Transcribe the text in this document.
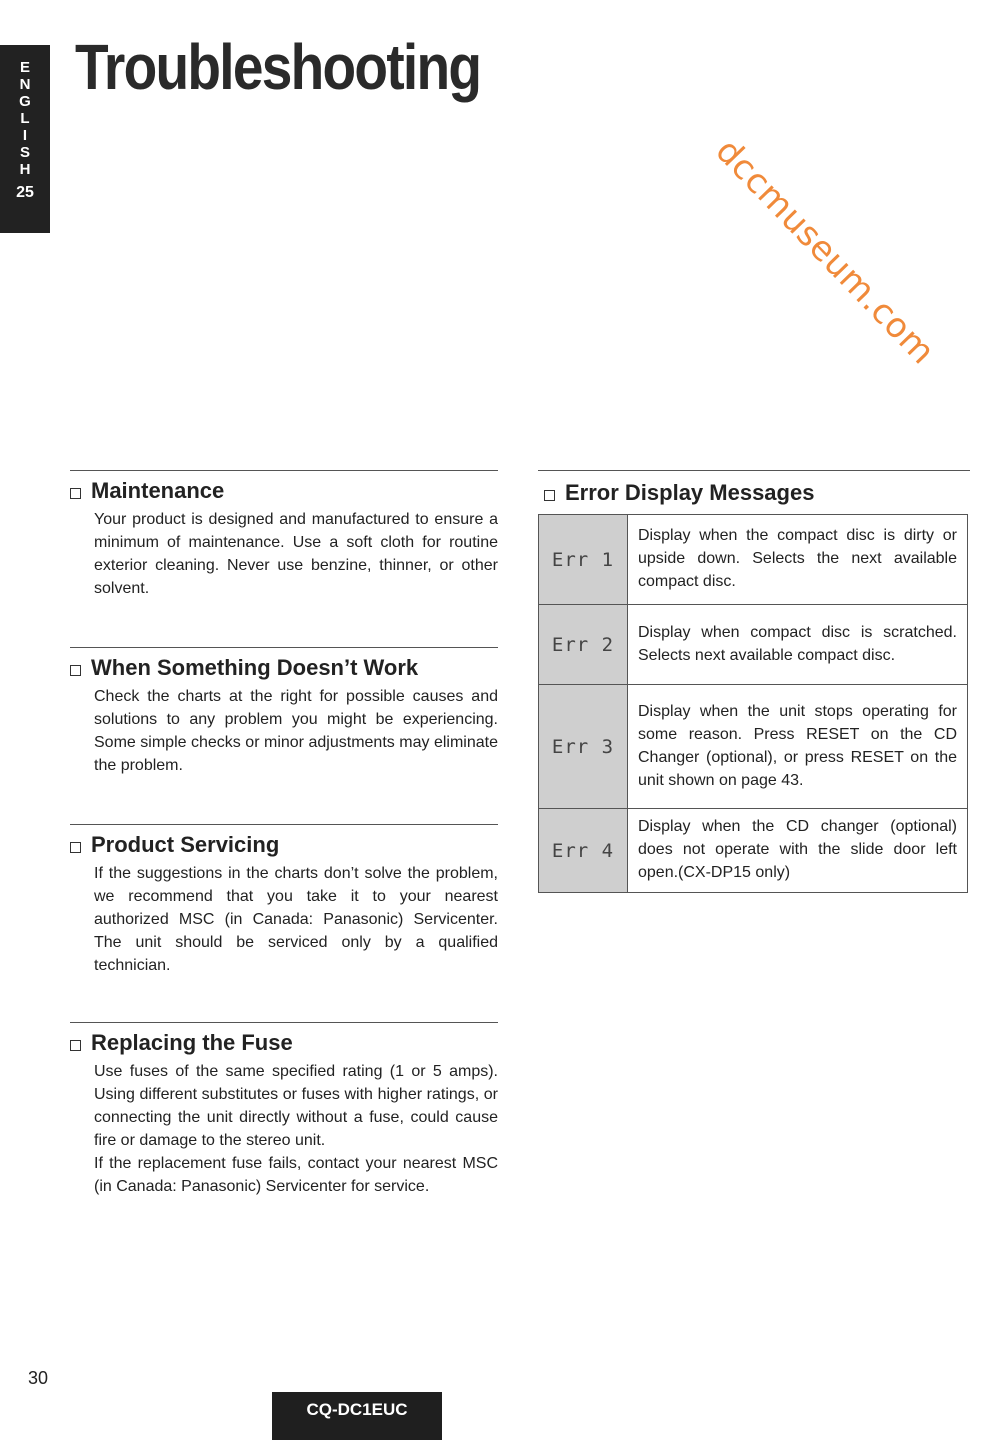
E
N
G
L
I
S
H
25
Troubleshooting
dccmuseum.com
Maintenance

Your product is designed and manufactured to ensure a minimum of maintenance. Use a soft cloth for routine exterior cleaning. Never use benzine, thinner, or other solvent.

When Something Doesn’t Work

Check the charts at the right for possible causes and solutions to any problem you might be experiencing. Some simple checks or minor adjustments may eliminate the problem.

Product Servicing

If the suggestions in the charts don’t solve the problem, we recommend that you take it to your nearest authorized MSC (in Canada: Panasonic) Servicenter. The unit should be serviced only by a qualified technician.

Replacing the Fuse

Use fuses of the same specified rating (1 or 5 amps). Using different substitutes or fuses with higher ratings, or connecting the unit directly without a fuse, could cause fire or damage to the stereo unit.

If the replacement fuse fails, contact your nearest MSC (in Canada: Panasonic) Servicenter for service.

Error Display Messages
Err 1	Display when the compact disc is dirty or upside down. Selects the next available compact disc.
Err 2	Display when compact disc is scratched. Selects next available compact disc.
Err 3	Display when the unit stops operating for some reason. Press RESET on the CD Changer (optional), or press RESET on the unit shown on page 43.
Err 4	Display when the CD changer (optional) does not operate with the slide door left open.(CX-DP15 only)
30
CQ-DC1EUC
